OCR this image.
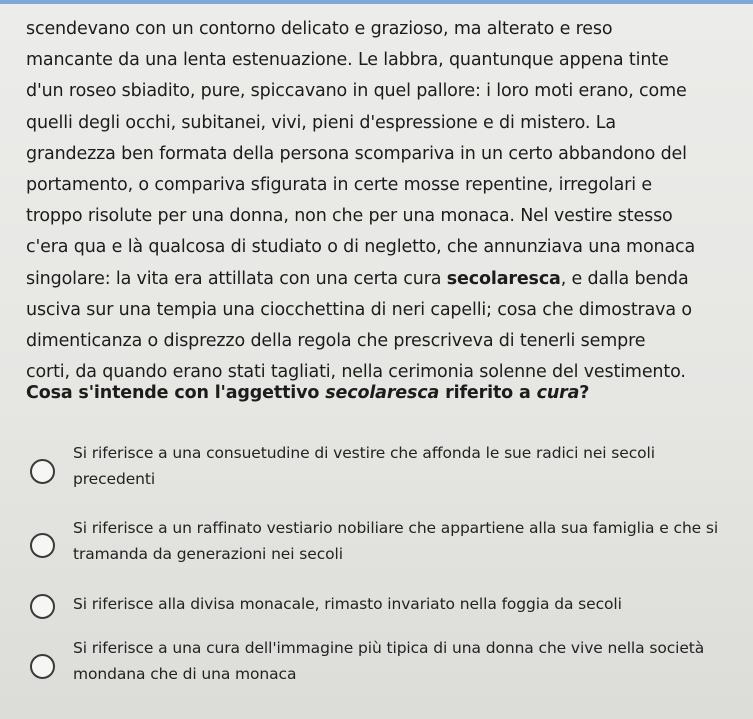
scendevano con un contorno delicato e grazioso, ma alterato e reso
mancante da una lenta estenuazione. Le labbra, quantunque appena tinte
d'un roseo sbiadito, pure, spiccavano in quel pallore: i loro moti erano, come
quelli degli occhi, subitanei, vivi, pieni d'espressione e di mistero. La
grandezza ben formata della persona scompariva in un certo abbandono del
portamento, o compariva sfigurata in certe mosse repentine, irregolari e
troppo risolute per una donna, non che per una monaca. Nel vestire stesso
c'era qua e là qualcosa di studiato o di negletto, che annunziava una monaca
singolare: la vita era attillata con una certa cura secolaresca, e dalla benda
usciva sur una tempia una ciocchettina di neri capelli; cosa che dimostrava o
dimenticanza o disprezzo della regola che prescriveva di tenerli sempre
corti, da quando erano stati tagliati, nella cerimonia solenne del vestimento.
Cosa s'intende con l'aggettivo secolaresca riferito a cura?
Si riferisce a una consuetudine di vestire che affonda le sue radici nei secoli
precedenti
Si riferisce a un raffinato vestiario nobiliare che appartiene alla sua famiglia e che si
tramanda da generazioni nei secoli
Si riferisce alla divisa monacale, rimasto invariato nella foggia da secoli
Si riferisce a una cura dell'immagine più tipica di una donna che vive nella società
mondana che di una monaca
